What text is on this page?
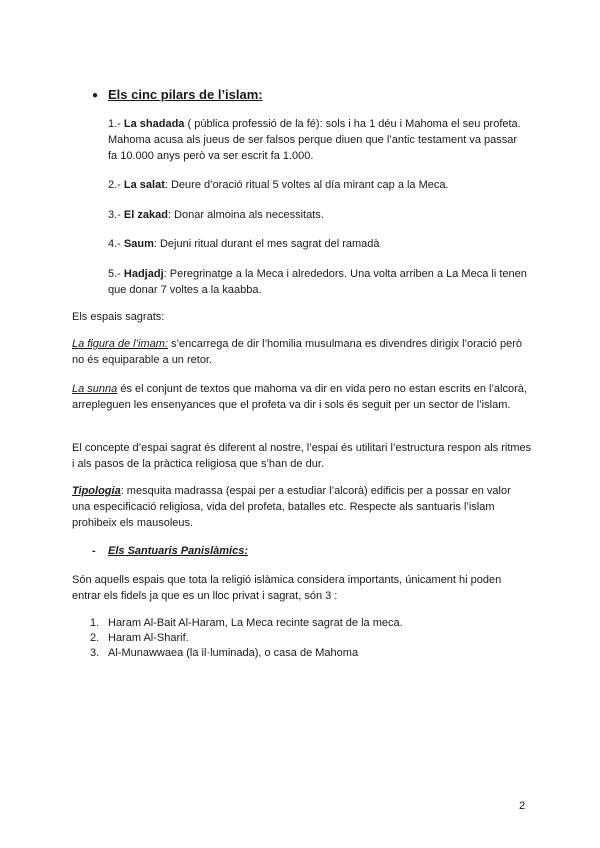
● Els cinc pilars de l’islam:
1.- La shadada ( pública professió de la fé): sols i ha 1 déu i Mahoma el seu profeta. Mahoma acusa als jueus de ser falsos perque diuen que l’antic testament va passar fa 10.000 anys però va ser escrit fa 1.000.
2.- La salat: Deure d’oració ritual 5 voltes al día mirant cap a la Meca.
3.- El zakad: Donar almoina als necessitats.
4.- Saum: Dejuni ritual durant el mes sagrat del ramadà
5.- Hadjadj: Peregrinatge a la Meca i alrededors. Una volta arriben a La Meca li tenen que donar 7 voltes a la kaabba.
Els espais sagrats:
La figura de l’imam: s’encarrega de dir l’homilia musulmana es divendres dirigix l’oració però no és equiparable a un retor.
La sunna és el conjunt de textos que mahoma va dir en vida pero no estan escrits en l’alcorà, arrepleguen les ensenyances que el profeta va dir i sols és seguit per un sector de l’islam.
El concepte d’espai sagrat és diferent al nostre, l’espai és utilitari l’estructura respon als ritmes i als pasos de la pràctica religiosa que s’han de dur.
Tipologia: mesquita madrassa (espai per a estudiar l’alcorà) edificis per a possar en valor una especificació religiosa, vida del profeta, batalles etc. Respecte als santuaris l’islam prohibeix els mausoleus.
- Els Santuaris Panislàmics:
Són aquells espais que tota la religió islàmica considera importants, únicament hi poden entrar els fidels ja que es un lloc privat i sagrat, són 3 :
1. Haram Al-Bait Al-Haram, La Meca recinte sagrat de la meca.
2. Haram Al-Sharif.
3. Al-Munawwaea (la il·luminada), o casa de Mahoma
2
